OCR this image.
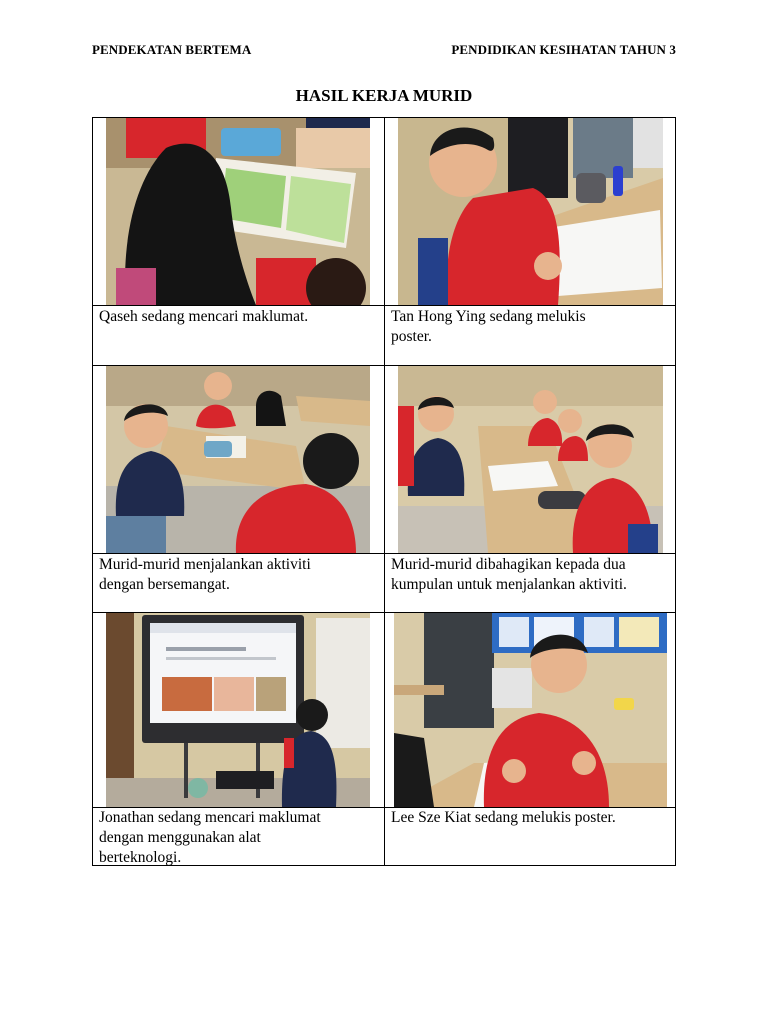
PENDEKATAN BERTEMA	PENDIDIKAN KESIHATAN TAHUN 3
HASIL KERJA MURID
Qaseh sedang mencari maklumat.	Tan Hong Ying sedang melukis
poster.
Murid-murid menjalankan aktiviti
dengan bersemangat.
Murid-murid dibahagikan kepada dua
kumpulan untuk menjalankan aktiviti.
Jonathan sedang mencari maklumat
dengan menggunakan alat
berteknologi.
Lee Sze Kiat sedang melukis poster.
